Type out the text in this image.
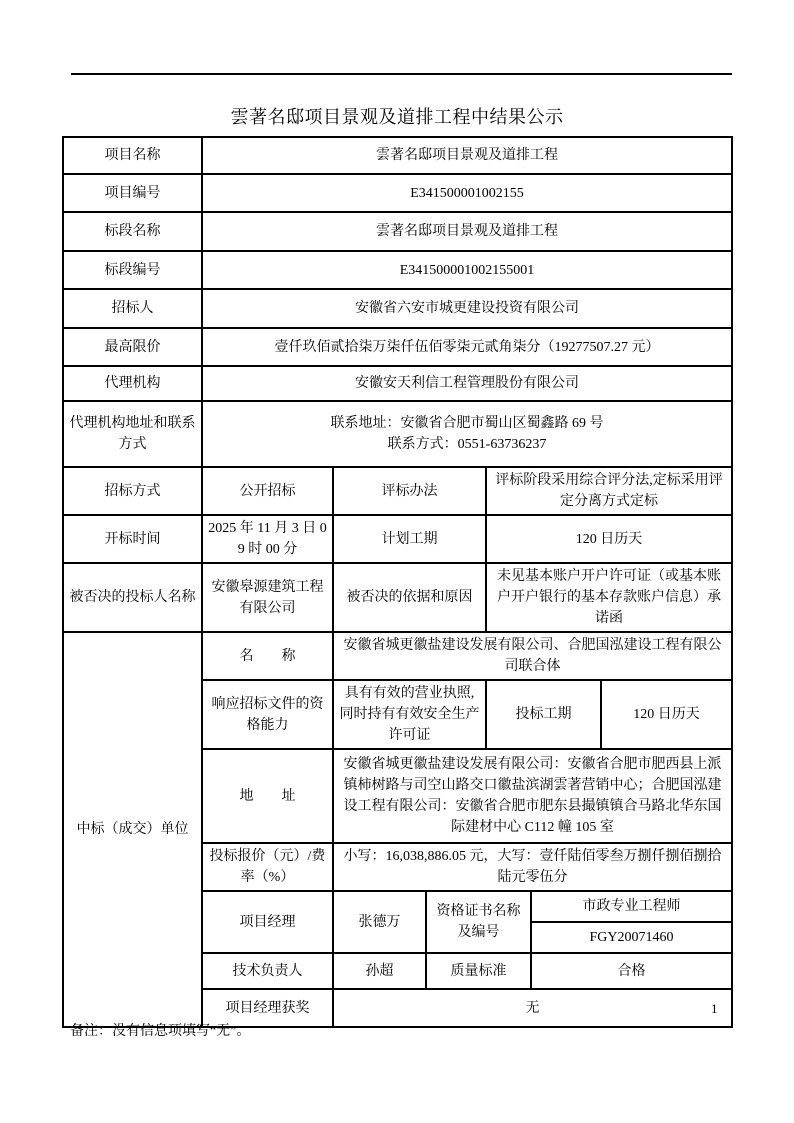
雲著名邸项目景观及道排工程中结果公示
项目名称	雲著名邸项目景观及道排工程					
项目编号	E341500001002155					
标段名称	雲著名邸项目景观及道排工程					
标段编号	E341500001002155001					
招标人	安徽省六安市城更建设投资有限公司					
最高限价	壹仟玖佰贰拾柒万柒仟伍佰零柒元贰角柒分（19277507.27 元）					
代理机构	安徽安天利信工程管理股份有限公司					
代理机构地址和联系方式	联系地址：安徽省合肥市蜀山区蜀鑫路 69 号
联系方式：0551-63736237					

招标方式	公开招标	评标办法		评标阶段采用综合评分法,定标采用评定分离方式定标		
开标时间	2025 年 11 月 3 日 09 时 00 分	计划工期		120 日历天		
被否决的投标人名称	安徽皋源建筑工程有限公司	被否决的依据和原因		未见基本账户开户许可证（或基本账户开户银行的基本存款账户信息）承诺函		
中标（成交）单位	名　　称	安徽省城更徽盐建设发展有限公司、合肥国泓建设工程有限公司联合体				
	响应招标文件的资格能力	具有有效的营业执照,同时持有有效安全生产许可证		投标工期		120 日历天
	地　　址	安徽省城更徽盐建设发展有限公司：安徽省合肥市肥西县上派镇柿树路与司空山路交口徽盐滨湖雲著营销中心；合肥国泓建设工程有限公司：安徽省合肥市肥东县撮镇镇合马路北华东国际建材中心 C112 幢 105 室				
	投标报价（元）/费率（%）	小写：16,038,886.05 元，大写：壹仟陆佰零叁万捌仟捌佰捌拾陆元零伍分				
	项目经理	张德万	资格证书名称及编号		市政专业工程师	
					FGY20071460	
	技术负责人	孙超	质量标准		合格	
	项目经理获奖	无					1
备注：没有信息项填写“无”。
